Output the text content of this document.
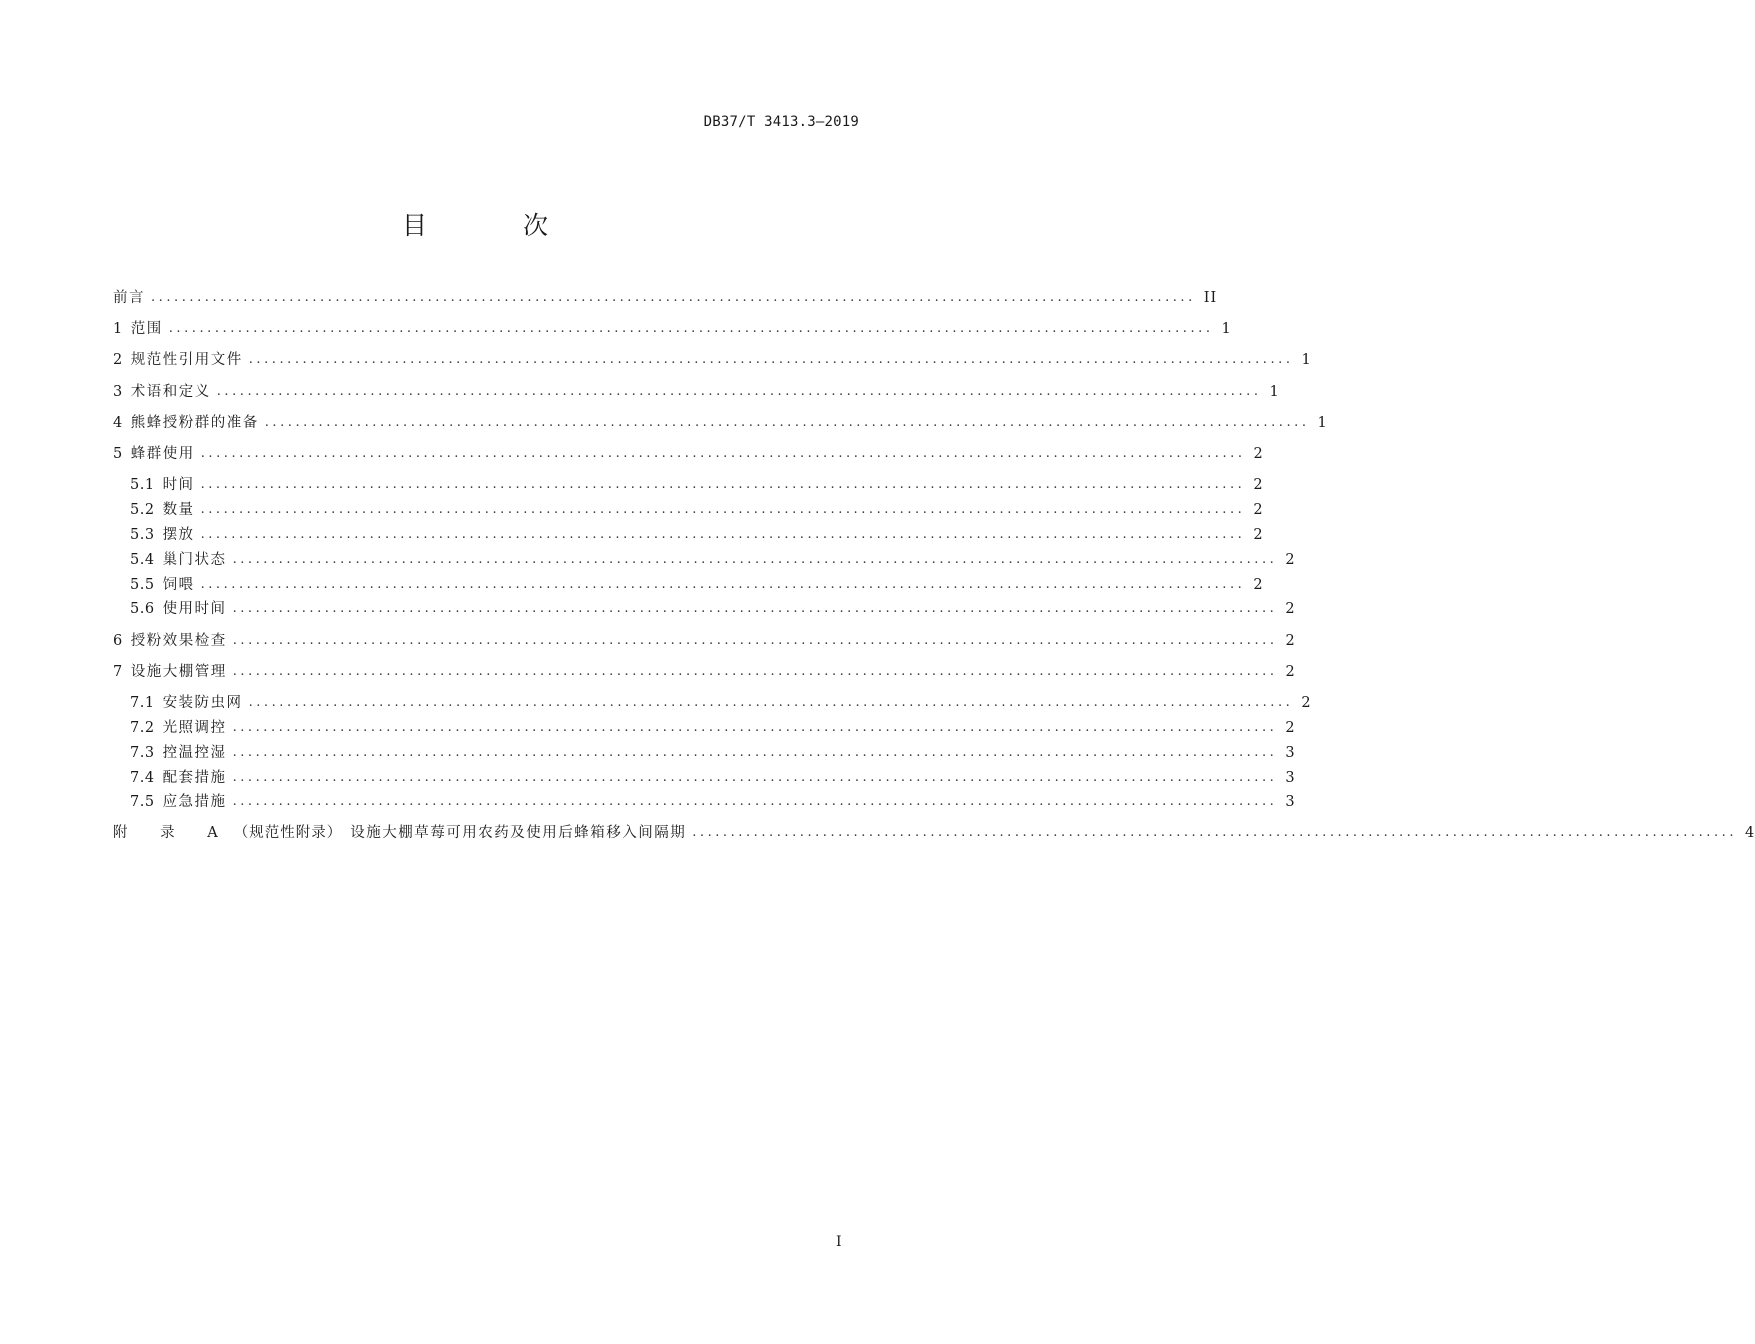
DB37/T 3413.3—2019
目 次
前言 ........................................................................................................................................ II
1 范围 ........................................................................................................................................ 1
2 规范性引用文件 ........................................................................................................................................ 1
3 术语和定义 ........................................................................................................................................ 1
4 熊蜂授粉群的准备 ........................................................................................................................................ 1
5 蜂群使用 ........................................................................................................................................ 2
5.1 时间 ........................................................................................................................................ 2
5.2 数量 ........................................................................................................................................ 2
5.3 摆放 ........................................................................................................................................ 2
5.4 巢门状态 ........................................................................................................................................ 2
5.5 饲喂 ........................................................................................................................................ 2
5.6 使用时间 ........................................................................................................................................ 2
6 授粉效果检查 ........................................................................................................................................ 2
7 设施大棚管理 ........................................................................................................................................ 2
7.1 安装防虫网 ........................................................................................................................................ 2
7.2 光照调控 ........................................................................................................................................ 2
7.3 控温控湿 ........................................................................................................................................ 3
7.4 配套措施 ........................................................................................................................................ 3
7.5 应急措施 ........................................................................................................................................ 3
附 录 A （规范性附录） 设施大棚草莓可用农药及使用后蜂箱移入间隔期 ........................................................................................................................................ 4
I
